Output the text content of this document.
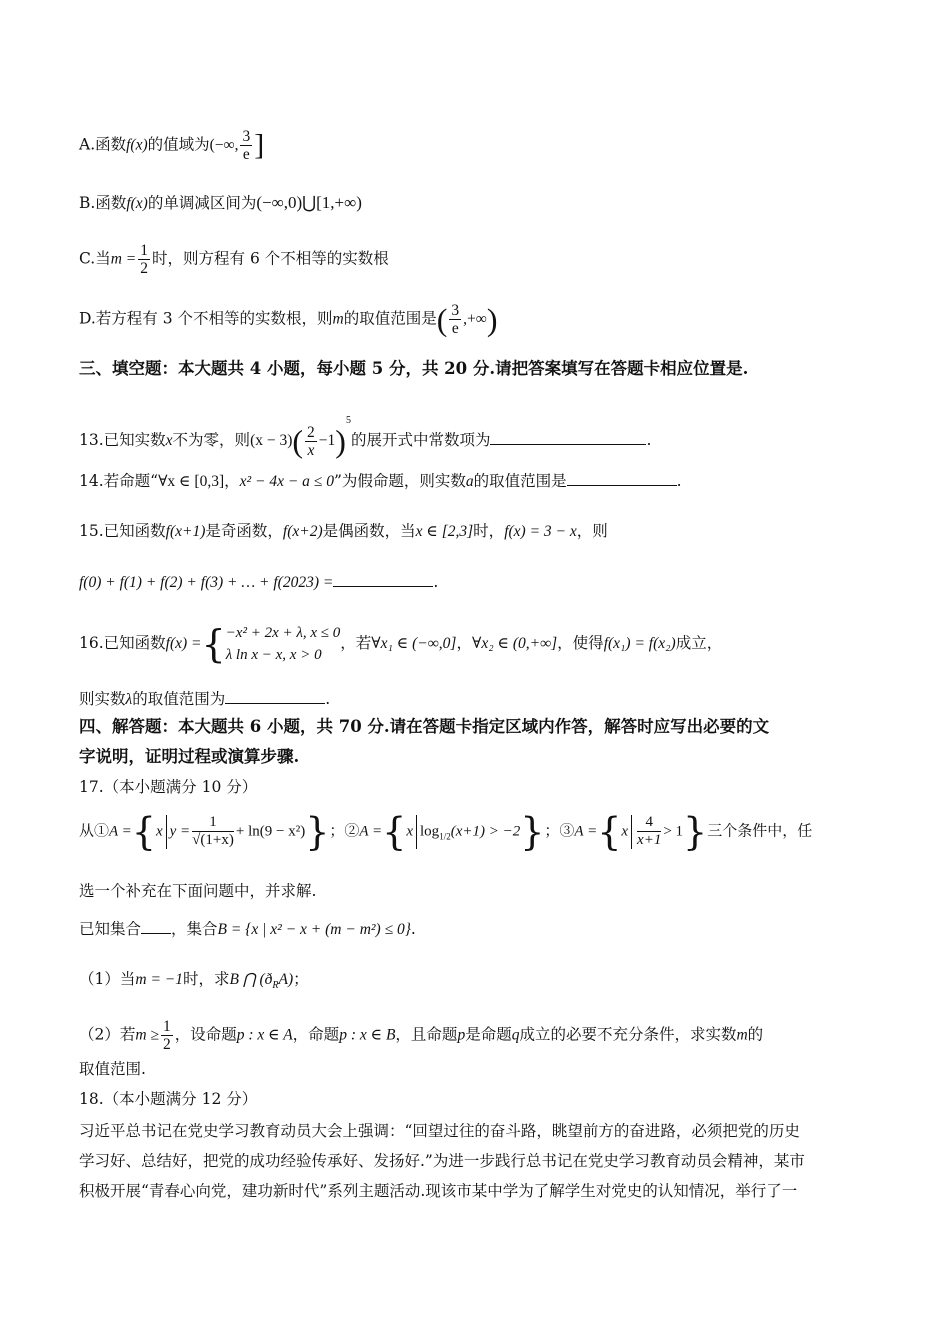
A.函数f(x)的值域为(−∞, $\frac{3}{e}$ ]
B.函数f(x)的单调减区间为(−∞,0)⋃[1,+∞)
C.当$m = \frac{1}{2}$ 时，则方程有 6 个不相等的实数根
D.若方程有 3 个不相等的实数根，则m的取值范围是( $\frac{3}{e}$ ,+∞)
三、填空题：本大题共 4 小题，每小题 5 分，共 20 分.请把答案填写在答题卡相应位置是.
13.已知实数x不为零，则$(x - 3)( \frac{2}{x} -1)^5$的展开式中常数项为	.
14.若命题“∀x ∈ [0,3]，x² − 4x − a ≤ 0”为假命题，则实数a的取值范围是	.
15.已知函数f(x+1)是奇函数，f(x+2)是偶函数，当x ∈ [2,3]时，f(x) = 3 − x，则
f(0) + f(1) + f(2) + f(3) + … + f(2023) =	.
16.已知函数f(x) ={ −x² + 2x + λ, x ≤ 0
λ ln x − x, x > 0
，若∀x₁ ∈ (−∞,0]，∀x₂ ∈ (0,+∞]，使得f(x₁) = f(x₂)成立，
则实数λ的取值范围为	.
四、解答题：本大题共 6 小题，共 70 分.请在答题卡指定区域内作答，解答时应写出必要的文
字说明，证明过程或演算步骤.
17.（本小题满分 10 分）
从①A ={x $y = \frac{1}{√(1+x)} + \ln(9 - x^2)$}；②A ={x $\log_{1/2}(x+1) > -2$}；③A $=\{x \frac{4}{x+1} > 1\}$三个条件中，任
选一个补充在下面问题中，并求解.
已知集合 ，集合B = {x | x² − x + (m − m²) ≤ 0}.
（1）当m = −1时，求B ⋂ $(ð_RA)$；
（2）若$m \ge \frac{1}{2}$ ，设命题p : x ∈ A，命题p : x ∈ B，且命题p是命题q成立的必要不充分条件，求实数m的
取值范围.
18.（本小题满分 12 分）
习近平总书记在党史学习教育动员大会上强调：“回望过往的奋斗路，眺望前方的奋进路，必须把党的历史
学习好、总结好，把党的成功经验传承好、发扬好.”为进一步践行总书记在党史学习教育动员会精神，某市
积极开展“青春心向党，建功新时代”系列主题活动.现该市某中学为了解学生对党史的认知情况，举行了一
